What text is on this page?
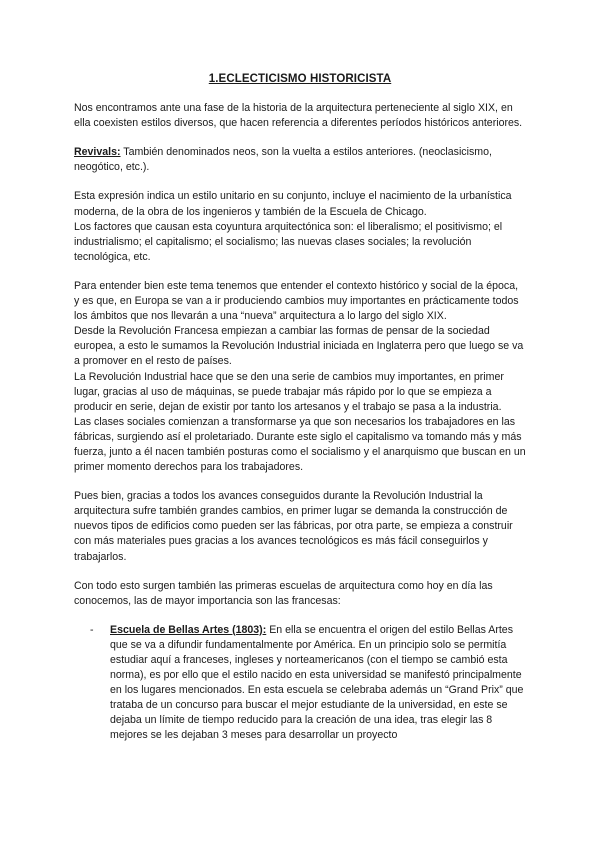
1.ECLECTICISMO HISTORICISTA

Nos encontramos ante una fase de la historia de la arquitectura perteneciente al siglo XIX, en ella coexisten estilos diversos, que hacen referencia a diferentes períodos históricos anteriores.

Revivals: También denominados neos, son la vuelta a estilos anteriores. (neoclasicismo, neogótico, etc.).

Esta expresión indica un estilo unitario en su conjunto, incluye el nacimiento de la urbanística moderna, de la obra de los ingenieros y también de la Escuela de Chicago.

Los factores que causan esta coyuntura arquitectónica son: el liberalismo; el positivismo; el industrialismo; el capitalismo; el socialismo; las nuevas clases sociales; la revolución tecnológica, etc.

Para entender bien este tema tenemos que entender el contexto histórico y social de la época, y es que, en Europa se van a ir produciendo cambios muy importantes en prácticamente todos los ámbitos que nos llevarán a una “nueva” arquitectura a lo largo del siglo XIX.

Desde la Revolución Francesa empiezan a cambiar las formas de pensar de la sociedad europea, a esto le sumamos la Revolución Industrial iniciada en Inglaterra pero que luego se va a promover en el resto de países.

La Revolución Industrial hace que se den una serie de cambios muy importantes, en primer lugar, gracias al uso de máquinas, se puede trabajar más rápido por lo que se empieza a producir en serie, dejan de existir por tanto los artesanos y el trabajo se pasa a la industria.

Las clases sociales comienzan a transformarse ya que son necesarios los trabajadores en las fábricas, surgiendo así el proletariado. Durante este siglo el capitalismo va tomando más y más fuerza, junto a él nacen también posturas como el socialismo y el anarquismo que buscan en un primer momento derechos para los trabajadores.

Pues bien, gracias a todos los avances conseguidos durante la Revolución Industrial la arquitectura sufre también grandes cambios, en primer lugar se demanda la construcción de nuevos tipos de edificios como pueden ser las fábricas, por otra parte, se empieza a construir con más materiales pues gracias a los avances tecnológicos es más fácil conseguirlos y trabajarlos.

Con todo esto surgen también las primeras escuelas de arquitectura como hoy en día las conocemos, las de mayor importancia son las francesas:

- Escuela de Bellas Artes (1803): En ella se encuentra el origen del estilo Bellas Artes que se va a difundir fundamentalmente por América. En un principio solo se permitía estudiar aquí a franceses, ingleses y norteamericanos (con el tiempo se cambió esta norma), es por ello que el estilo nacido en esta universidad se manifestó principalmente en los lugares mencionados. En esta escuela se celebraba además un “Grand Prix” que trataba de un concurso para buscar el mejor estudiante de la universidad, en este se dejaba un límite de tiempo reducido para la creación de una idea, tras elegir las 8 mejores se les dejaban 3 meses para desarrollar un proyecto
